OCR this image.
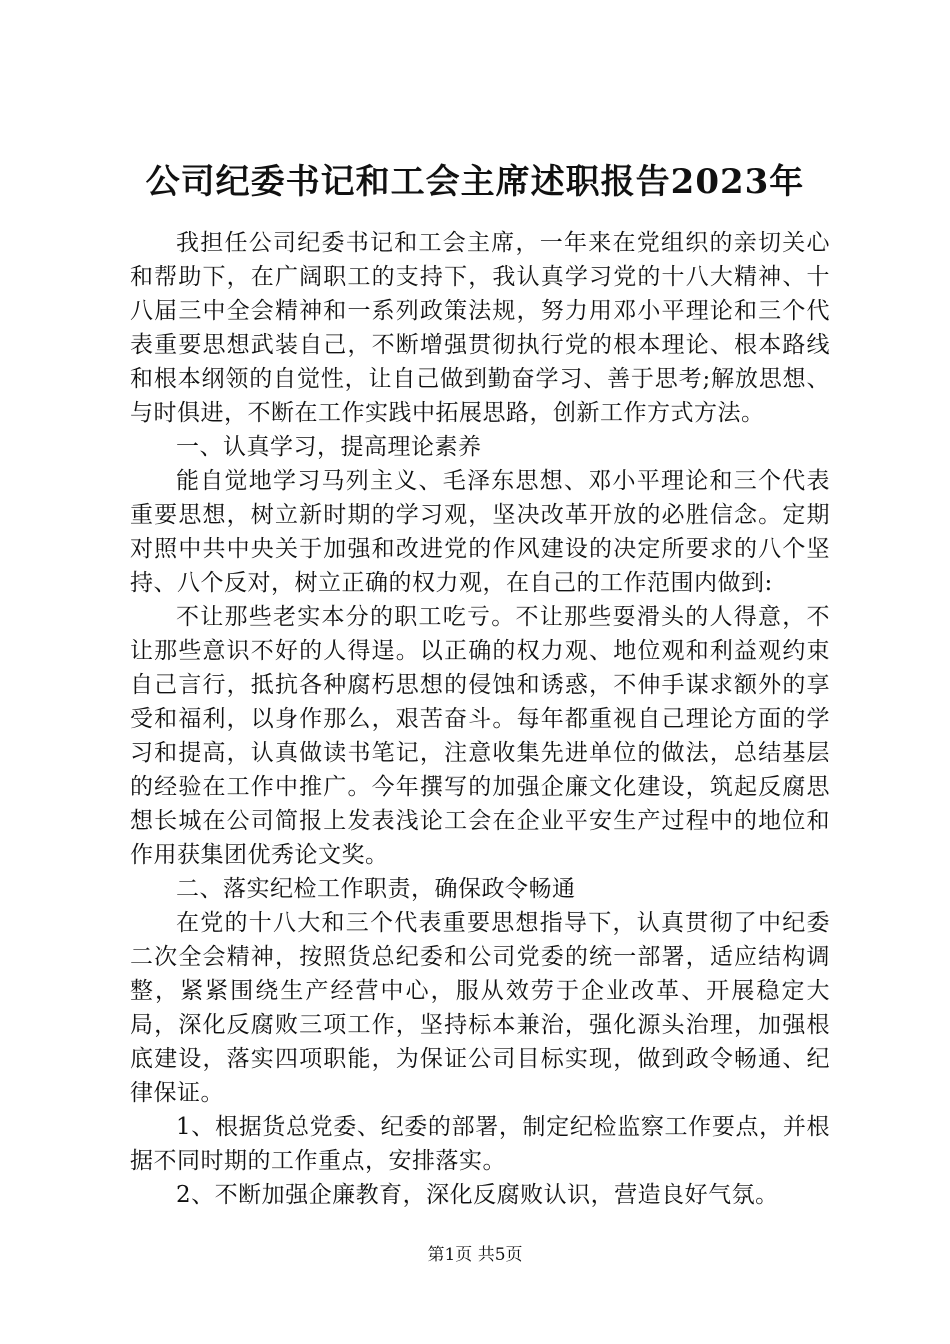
公司纪委书记和工会主席述职报告2023年

我担任公司纪委书记和工会主席，一年来在党组织的亲切关心和帮助下，在广阔职工的支持下，我认真学习党的十八大精神、十八届三中全会精神和一系列政策法规，努力用邓小平理论和三个代表重要思想武装自己，不断增强贯彻执行党的根本理论、根本路线和根本纲领的自觉性，让自己做到勤奋学习、善于思考;解放思想、与时俱进，不断在工作实践中拓展思路，创新工作方式方法。

一、认真学习，提高理论素养

能自觉地学习马列主义、毛泽东思想、邓小平理论和三个代表重要思想，树立新时期的学习观，坚决改革开放的必胜信念。定期对照中共中央关于加强和改进党的作风建设的决定所要求的八个坚持、八个反对，树立正确的权力观，在自己的工作范围内做到:

不让那些老实本分的职工吃亏。不让那些耍滑头的人得意，不让那些意识不好的人得逞。以正确的权力观、地位观和利益观约束自己言行，抵抗各种腐朽思想的侵蚀和诱惑，不伸手谋求额外的享受和福利，以身作那么，艰苦奋斗。每年都重视自己理论方面的学习和提高，认真做读书笔记，注意收集先进单位的做法，总结基层的经验在工作中推广。今年撰写的加强企廉文化建设，筑起反腐思想长城在公司简报上发表浅论工会在企业平安生产过程中的地位和作用获集团优秀论文奖。

二、落实纪检工作职责，确保政令畅通

在党的十八大和三个代表重要思想指导下，认真贯彻了中纪委二次全会精神，按照货总纪委和公司党委的统一部署，适应结构调整，紧紧围绕生产经营中心，服从效劳于企业改革、开展稳定大局，深化反腐败三项工作，坚持标本兼治，强化源头治理，加强根底建设，落实四项职能，为保证公司目标实现，做到政令畅通、纪律保证。

1、根据货总党委、纪委的部署，制定纪检监察工作要点，并根据不同时期的工作重点，安排落实。

2、不断加强企廉教育，深化反腐败认识，营造良好气氛。

第1页 共5页
